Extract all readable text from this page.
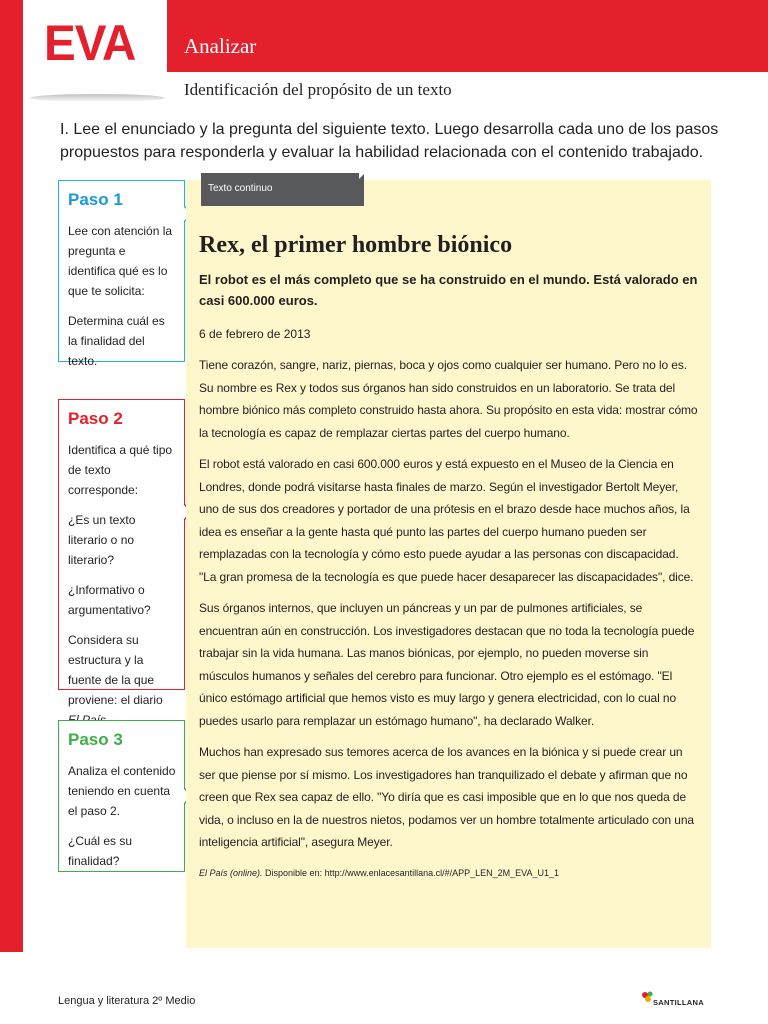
EVA Analizar
Identificación del propósito de un texto
I. Lee el enunciado y la pregunta del siguiente texto. Luego desarrolla cada uno de los pasos propuestos para responderla y evaluar la habilidad relacionada con el contenido trabajado.
Paso 1

Lee con atención la pregunta e identifica qué es lo que te solicita:

Determina cuál es la finalidad del texto.

Paso 2

Identifica a qué tipo de texto corresponde:

¿Es un texto literario o no literario?

¿Informativo o argumentativo?

Considera su estructura y la fuente de la que proviene: el diario

Paso 3

Analiza el contenido teniendo en cuenta el paso 2.

¿Cuál es su finalidad?

Texto continuo
Rex, el primer hombre biónico
El robot es el más completo que se ha construido en el mundo. Está valorado en casi 600.000 euros.
6 de febrero de 2013

Tiene corazón, sangre, nariz, piernas, boca y ojos como cualquier ser humano. Pero no lo es. Su nombre es Rex y todos sus órganos han sido construidos en un laboratorio. Se trata del hombre biónico más completo construido hasta ahora. Su propósito en esta vida: mostrar cómo la tecnología es capaz de remplazar ciertas partes del cuerpo humano.

El robot está valorado en casi 600.000 euros y está expuesto en el Museo de la Ciencia en Londres, donde podrá visitarse hasta finales de marzo. Según el investigador Bertolt Meyer, uno de sus dos creadores y portador de una prótesis en el brazo desde hace muchos años, la idea es enseñar a la gente hasta qué punto las partes del cuerpo humano pueden ser remplazadas con la tecnología y cómo esto puede ayudar a las personas con discapacidad. "La gran promesa de la tecnología es que puede hacer desaparecer las discapacidades", dice.

Sus órganos internos, que incluyen un páncreas y un par de pulmones artificiales, se encuentran aún en construcción. Los investigadores destacan que no toda la tecnología puede trabajar sin la vida humana. Las manos biónicas, por ejemplo, no pueden moverse sin músculos humanos y señales del cerebro para funcionar. Otro ejemplo es el estómago. "El único estómago artificial que hemos visto es muy largo y genera electricidad, con lo cual no puedes usarlo para remplazar un estómago humano", ha declarado Walker.

Muchos han expresado sus temores acerca de los avances en la biónica y si puede crear un ser que piense por sí mismo. Los investigadores han tranquilizado el debate y afirman que no creen que Rex sea capaz de ello. "Yo diría que es casi imposible que en lo que nos queda de vida, o incluso en la de nuestros nietos, podamos ver un hombre totalmente articulado con una inteligencia artificial", asegura Meyer.

El País (online). Disponible en: http://www.enlacesantillana.cl/#/APP_LEN_2M_EVA_U1_1
Lengua y literatura 2º Medio	SANTILLANA
